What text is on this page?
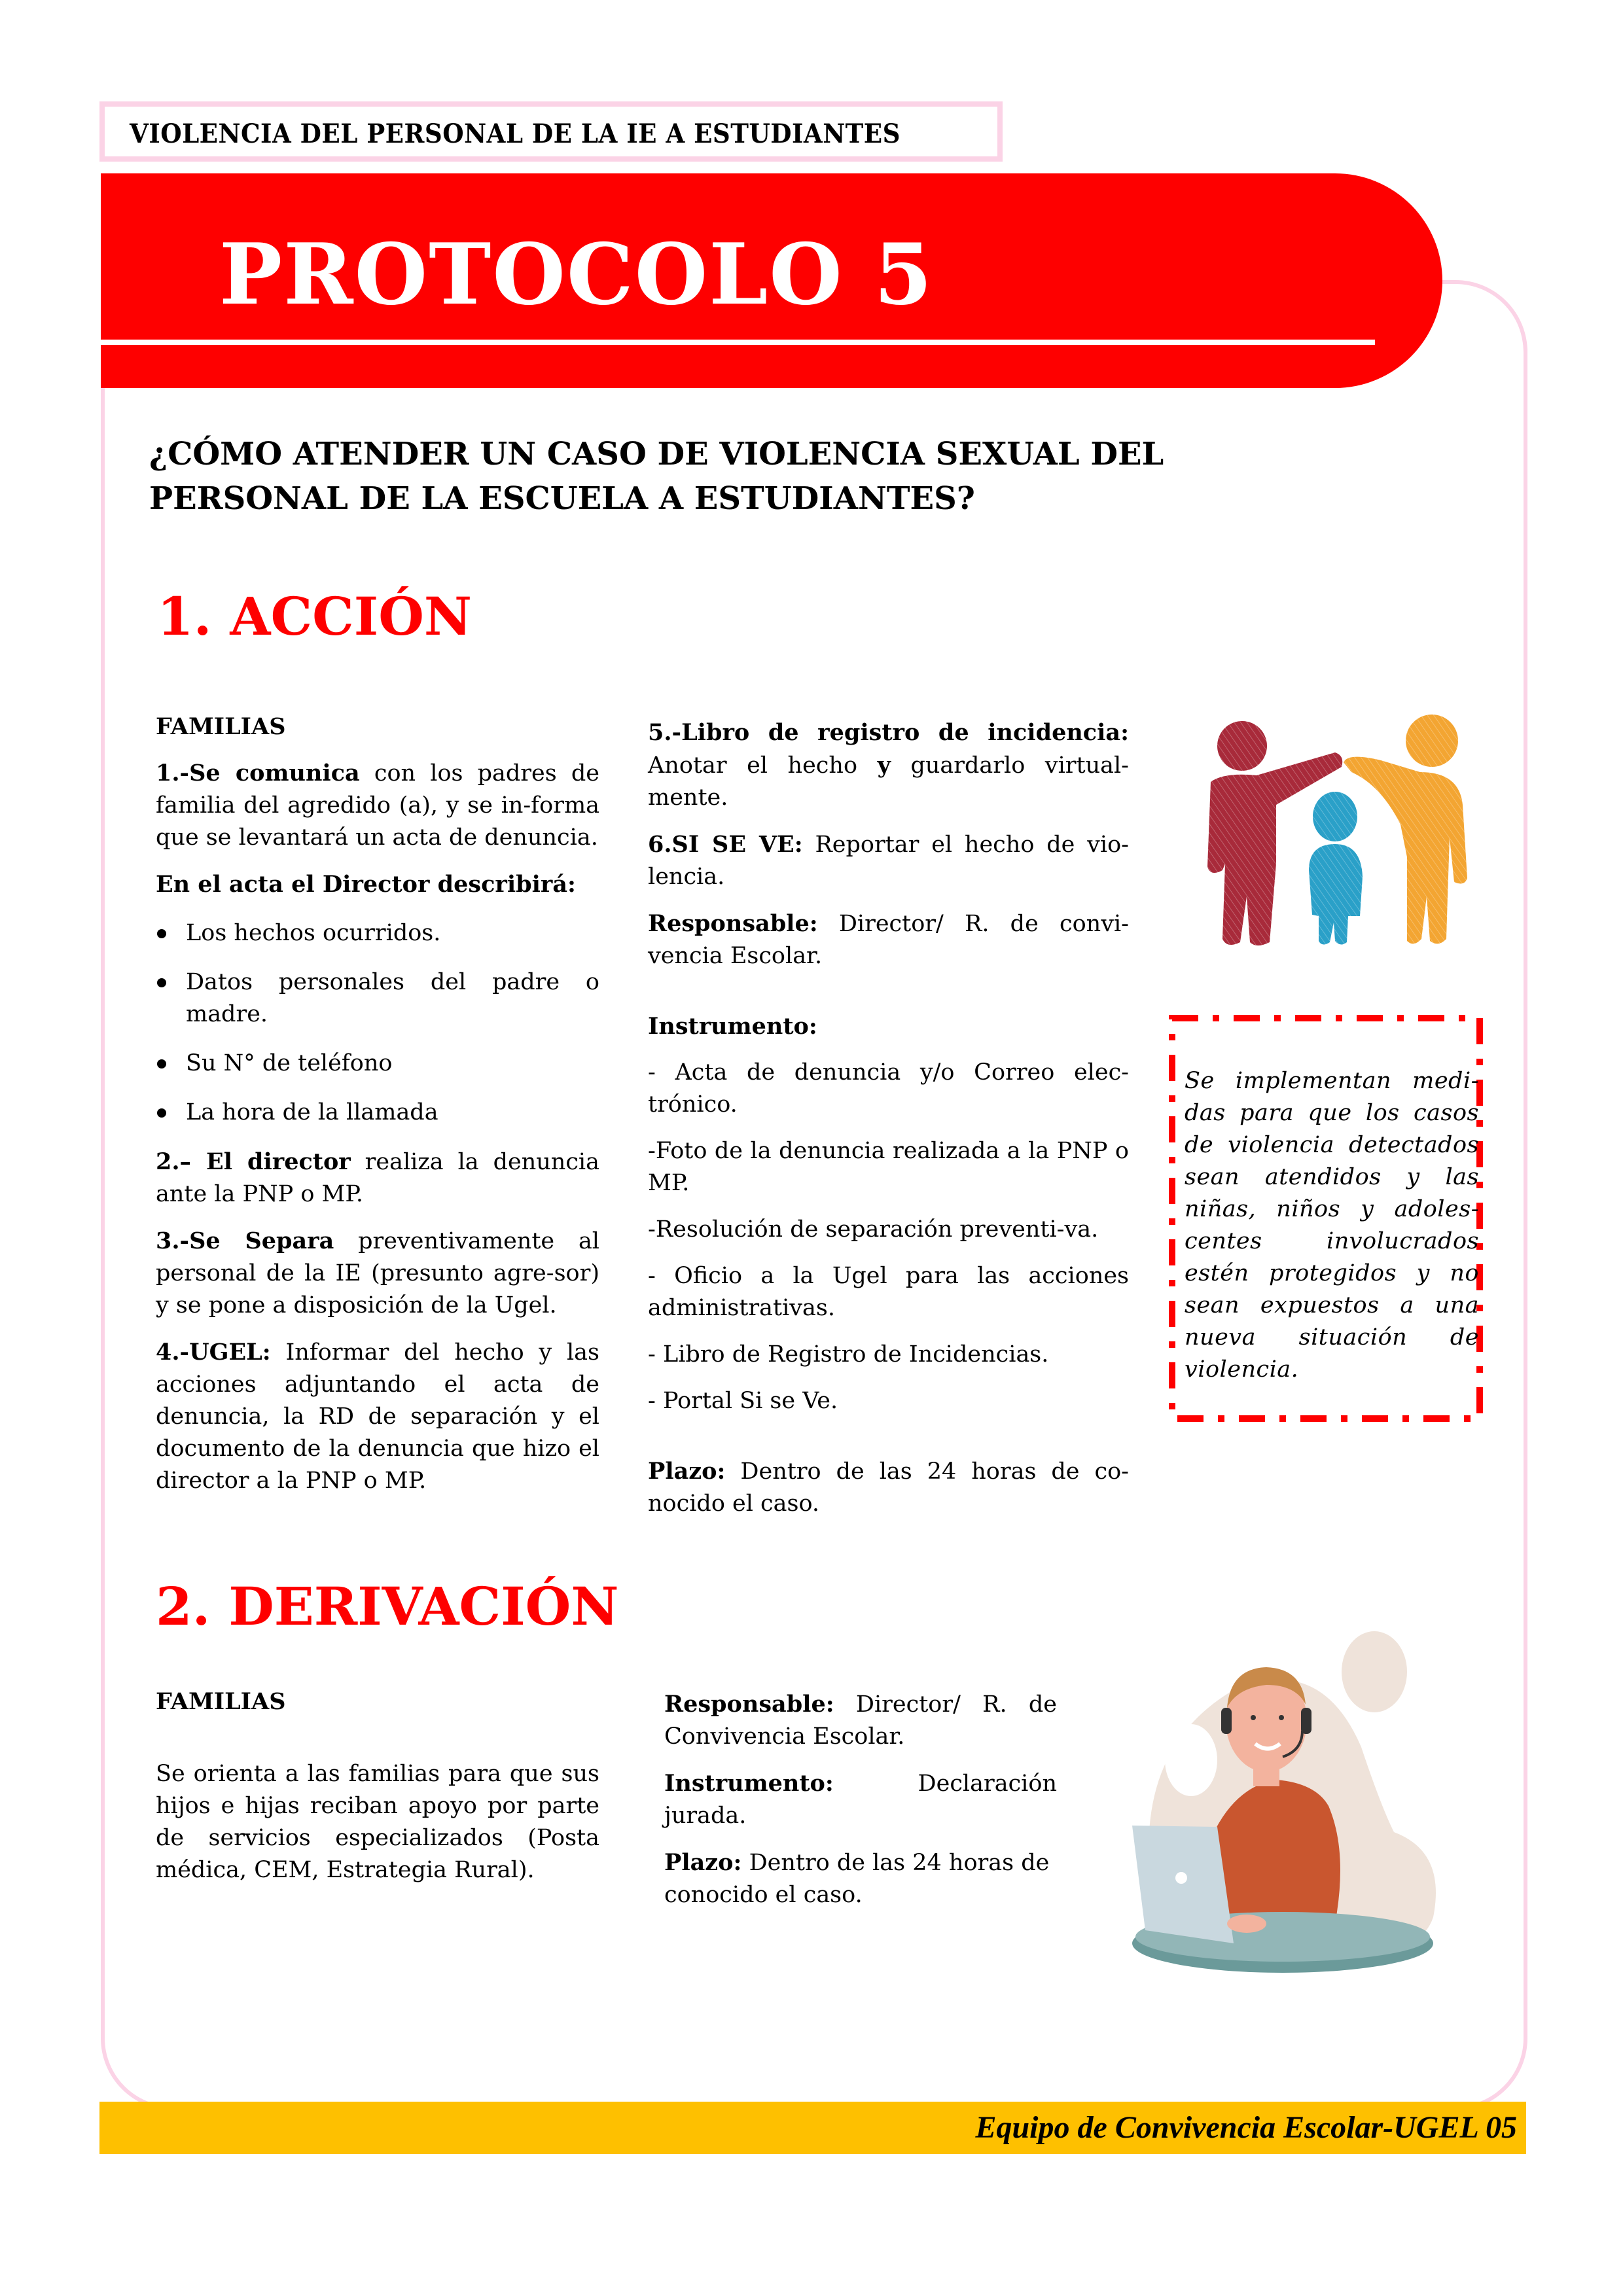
VIOLENCIA DEL PERSONAL DE LA IE A ESTUDIANTES
PROTOCOLO 5
¿CÓMO ATENDER UN CASO DE VIOLENCIA SEXUAL DEL PERSONAL DE LA ESCUELA A ESTUDIANTES?
1. ACCIÓN
FAMILIAS

1.-Se comunica con los padres de familia del agredido (a), y se in-forma que se levantará un acta de denuncia.

En el acta el Director describirá:

Los hechos ocurridos.
Datos personales del padre o madre.
Su N° de teléfono
La hora de la llamada

2.– El director realiza la denuncia ante la PNP o MP.

3.-Se Separa preventivamente al personal de la IE (presunto agre-sor) y se pone a disposición de la Ugel.

4.-UGEL: Informar del hecho y las acciones adjuntando el acta de denuncia, la RD de separación y el documento de la denuncia que hizo el director a la PNP o MP.

5.-Libro de registro de incidencia: Anotar el hecho y guardarlo virtual-mente.

6.SI SE VE: Reportar el hecho de vio-lencia.

Responsable: Director/ R. de convi-vencia Escolar.

Instrumento:

- Acta de denuncia y/o Correo elec-trónico.

-Foto de la denuncia realizada a la PNP o MP.

-Resolución de separación preventi-va.

- Oficio a la Ugel para las acciones administrativas.

- Libro de Registro de Incidencias.

- Portal Si se Ve.

Plazo: Dentro de las 24 horas de co-nocido el caso.

Se implementan medi-das para que los casos de violencia detectados sean atendidos y las niñas, niños y adoles-centes involucrados estén protegidos y no sean expuestos a una nueva situación de violencia.
2. DERIVACIÓN
FAMILIAS

Se orienta a las familias para que sus hijos e hijas reciban apoyo por parte de servicios especializados (Posta médica, CEM, Estrategia Rural).

Responsable: Director/ R. de Convivencia Escolar.

Instrumento: Declaración jurada.

Plazo: Dentro de las 24 horas de conocido el caso.

Equipo de Convivencia Escolar-UGEL 05
